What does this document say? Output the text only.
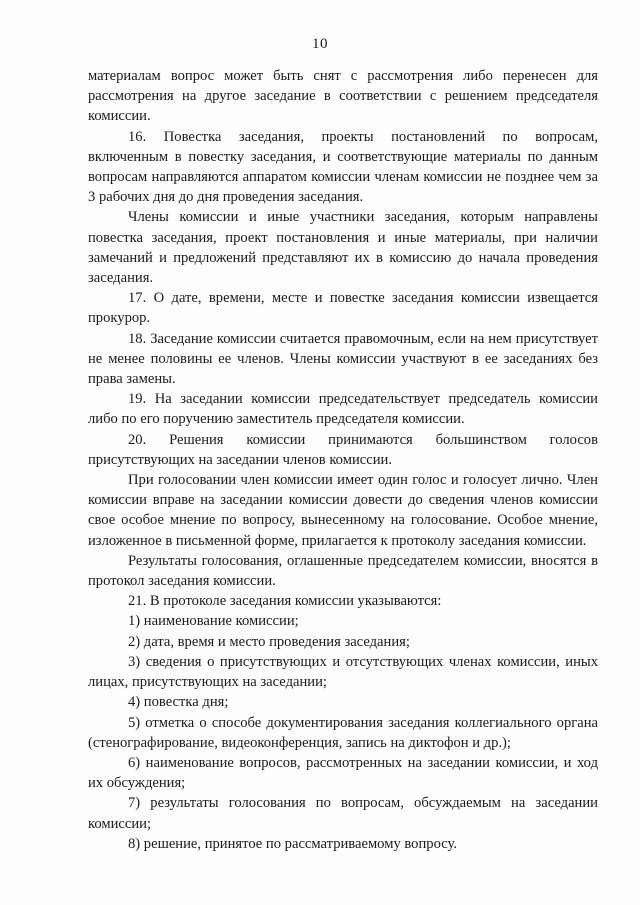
10

материалам вопрос может быть снят с рассмотрения либо перенесен для рассмотрения на другое заседание в соответствии с решением председателя комиссии.

16. Повестка заседания, проекты постановлений по вопросам, включенным в повестку заседания, и соответствующие материалы по данным вопросам направляются аппаратом комиссии членам комиссии не позднее чем за 3 рабочих дня до дня проведения заседания.

Члены комиссии и иные участники заседания, которым направлены повестка заседания, проект постановления и иные материалы, при наличии замечаний и предложений представляют их в комиссию до начала проведения заседания.

17. О дате, времени, месте и повестке заседания комиссии извещается прокурор.

18. Заседание комиссии считается правомочным, если на нем присутствует не менее половины ее членов. Члены комиссии участвуют в ее заседаниях без права замены.

19. На заседании комиссии председательствует председатель комиссии либо по его поручению заместитель председателя комиссии.

20. Решения комиссии принимаются большинством голосов присутствующих на заседании членов комиссии.

При голосовании член комиссии имеет один голос и голосует лично. Член комиссии вправе на заседании комиссии довести до сведения членов комиссии свое особое мнение по вопросу, вынесенному на голосование. Особое мнение, изложенное в письменной форме, прилагается к протоколу заседания комиссии.

Результаты голосования, оглашенные председателем комиссии, вносятся в протокол заседания комиссии.

21. В протоколе заседания комиссии указываются:

1) наименование комиссии;

2) дата, время и место проведения заседания;

3) сведения о присутствующих и отсутствующих членах комиссии, иных лицах, присутствующих на заседании;

4) повестка дня;

5) отметка о способе документирования заседания коллегиального органа (стенографирование, видеоконференция, запись на диктофон и др.);

6) наименование вопросов, рассмотренных на заседании комиссии, и ход их обсуждения;

7) результаты голосования по вопросам, обсуждаемым на заседании комиссии;

8) решение, принятое по рассматриваемому вопросу.
